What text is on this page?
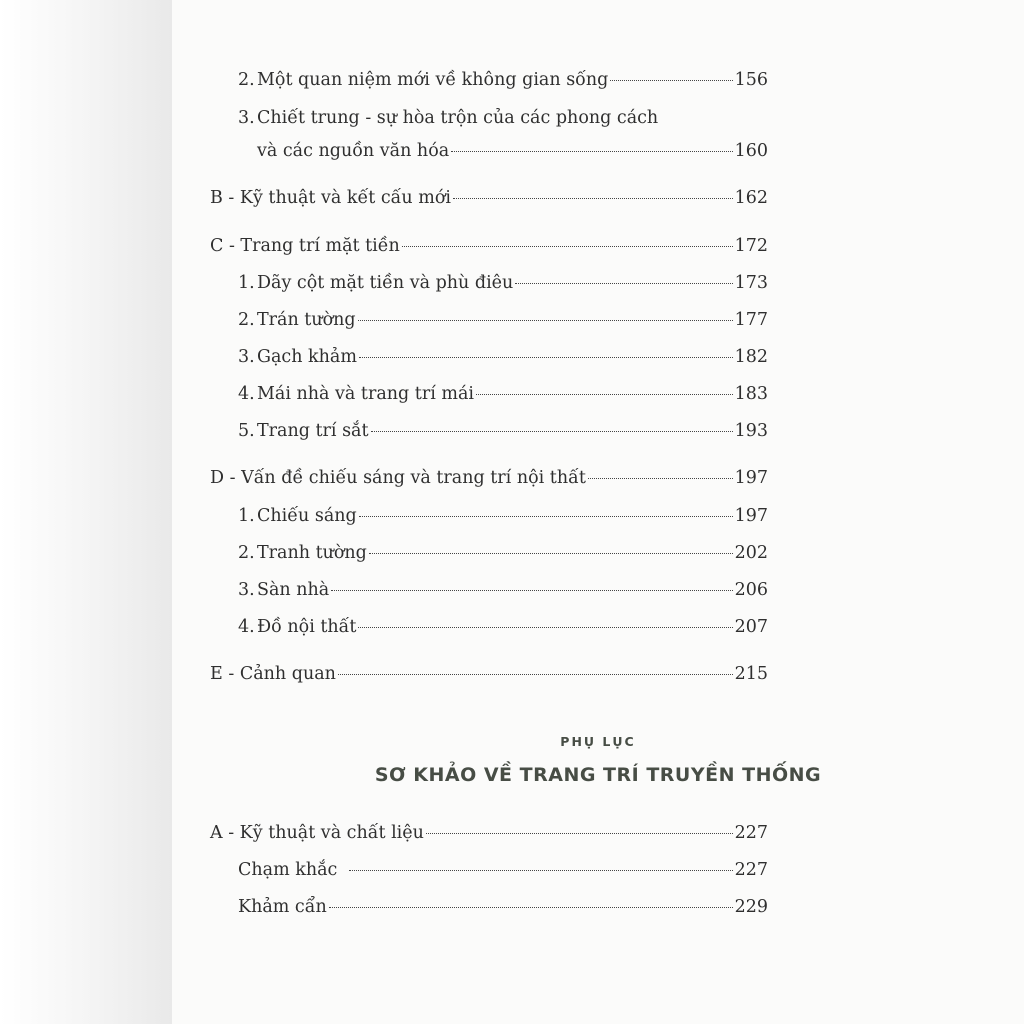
2. Một quan niệm mới về không gian sống	156
3. Chiết trung - sự hòa trộn của các phong cách
và các nguồn văn hóa	160
B - Kỹ thuật và kết cấu mới	162
C - Trang trí mặt tiền	172
1. Dãy cột mặt tiền và phù điêu	173
2. Trán tường	177
3. Gạch khảm	182
4. Mái nhà và trang trí mái	183
5. Trang trí sắt	193
D - Vấn đề chiếu sáng và trang trí nội thất	197
1. Chiếu sáng	197
2. Tranh tường	202
3. Sàn nhà	206
4. Đồ nội thất	207
E - Cảnh quan	215
A - Kỹ thuật và chất liệu	227
Chạm khắc	227
Khảm cẩn	229
PHỤ LỤC
SƠ KHẢO VỀ TRANG TRÍ TRUYỀN THỐNG
